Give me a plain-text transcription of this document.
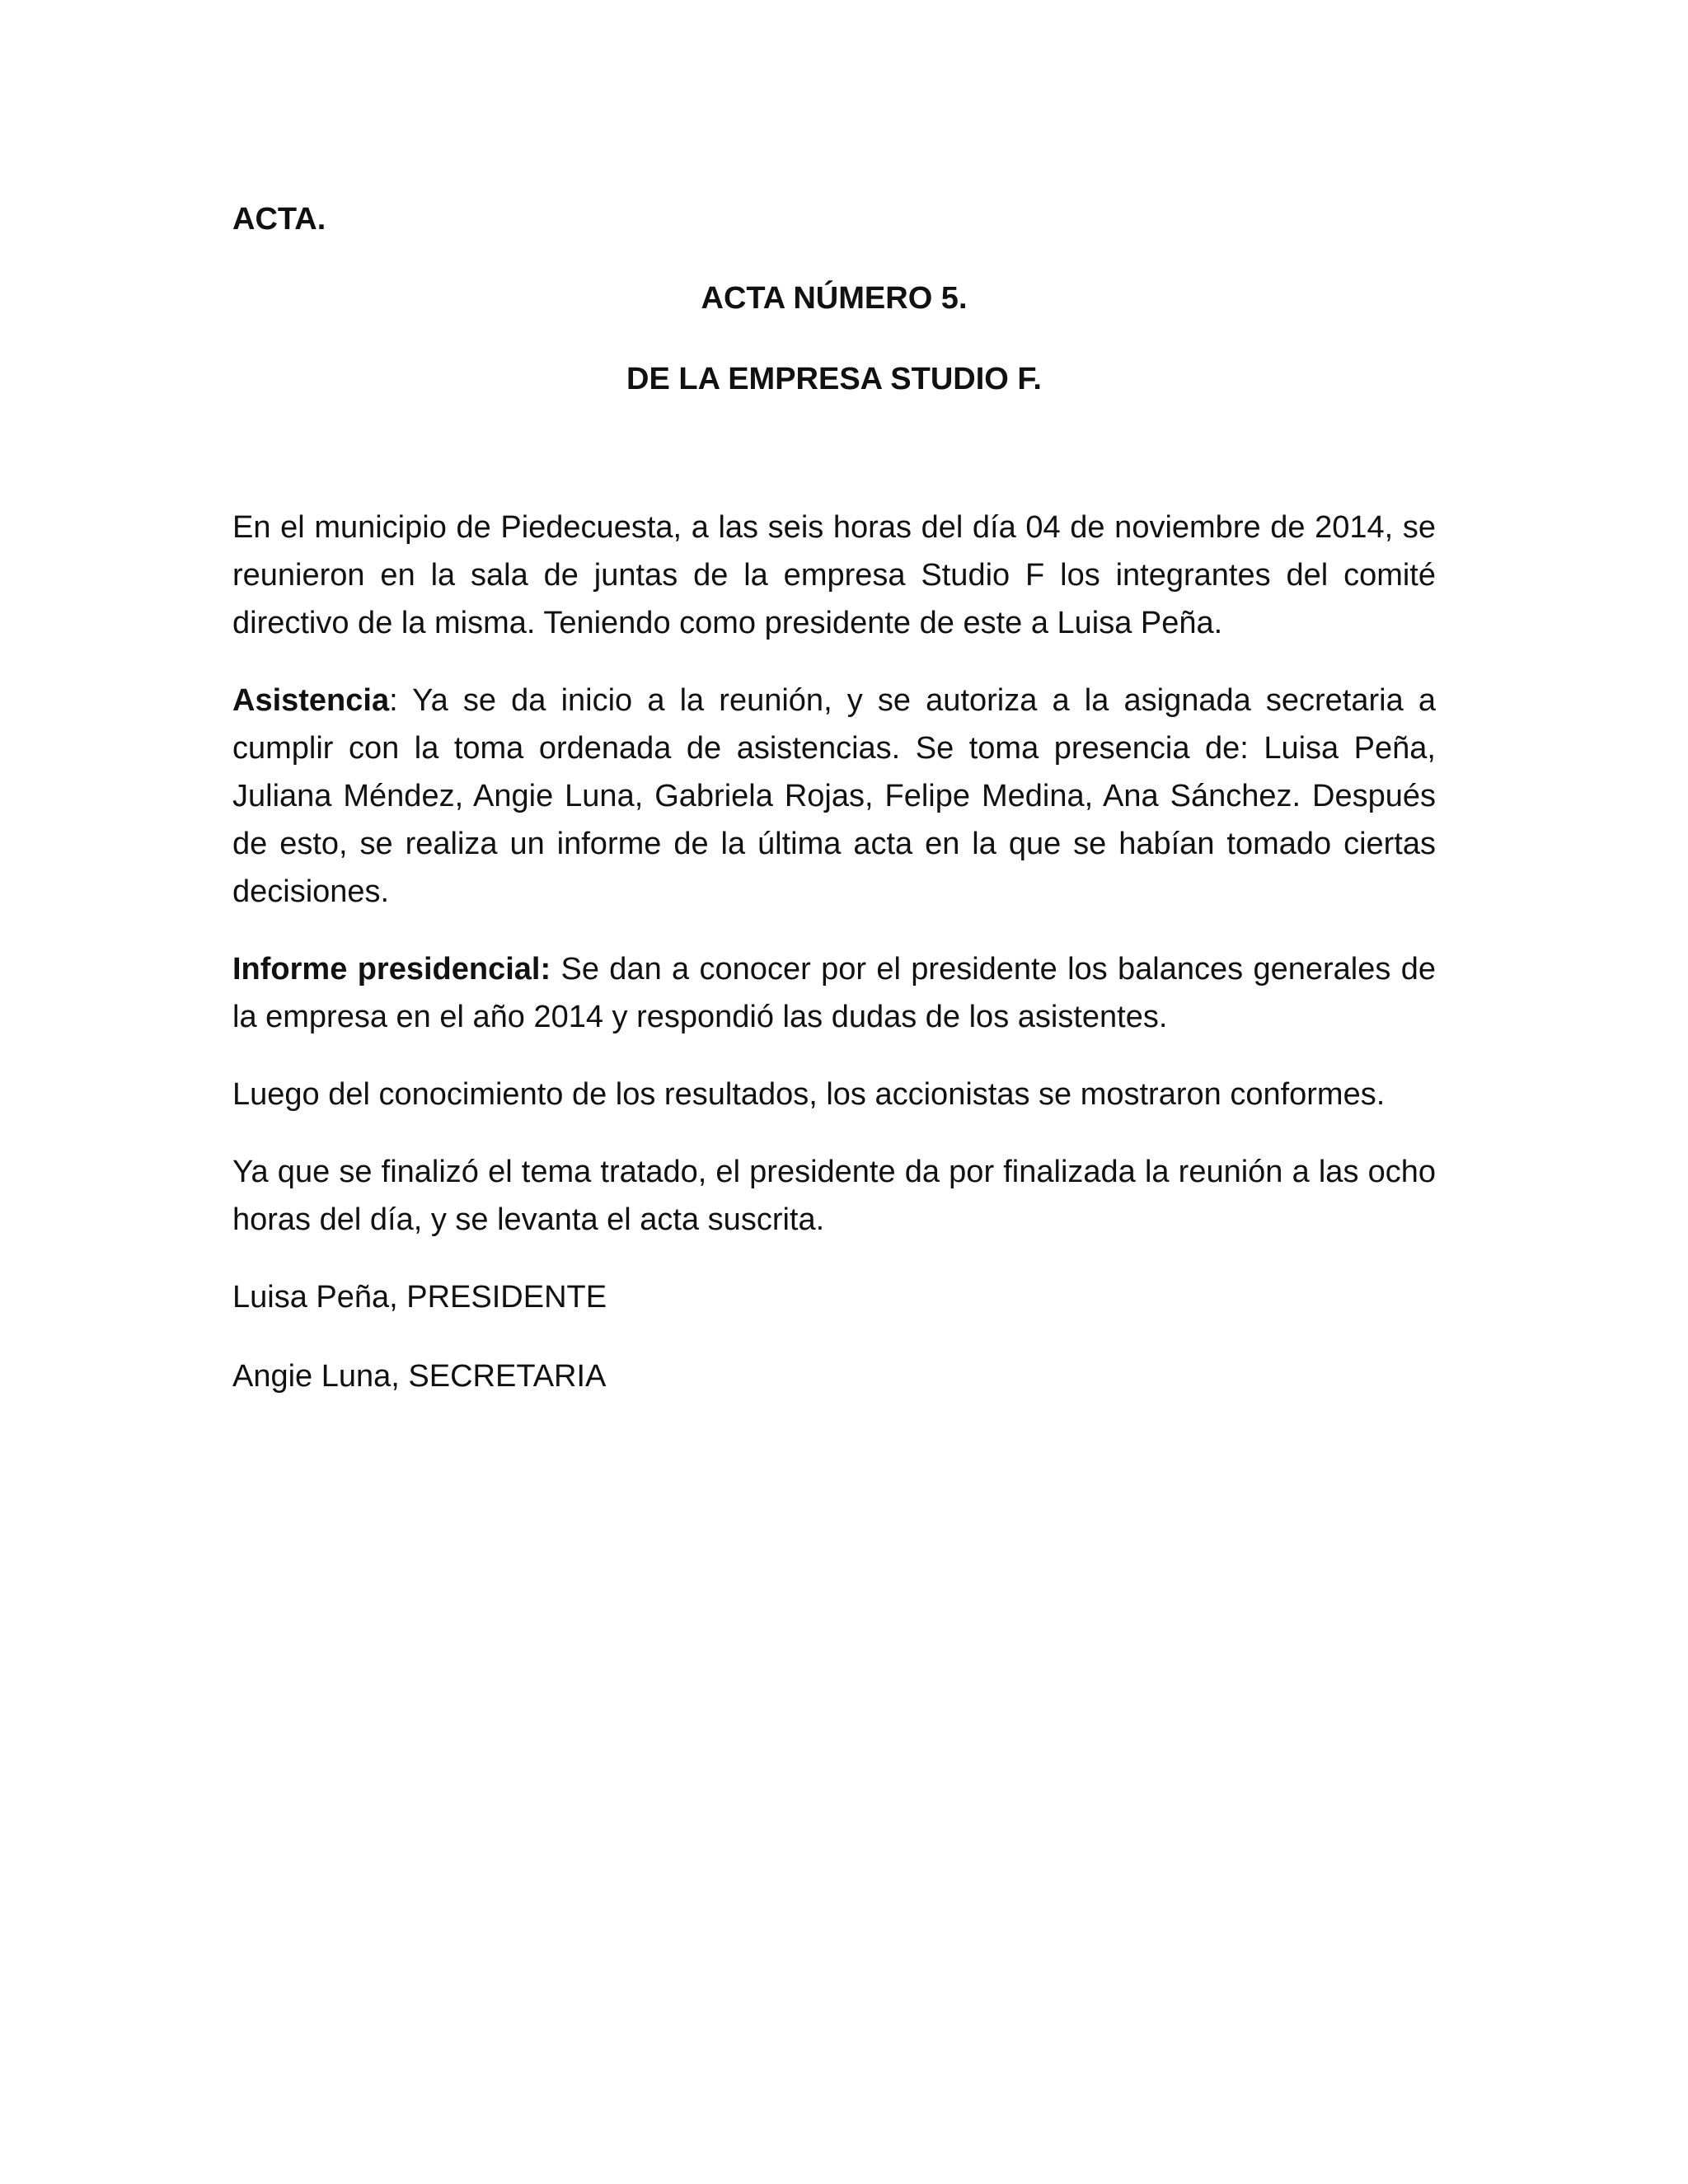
ACTA.

ACTA NÚMERO 5.

DE LA EMPRESA STUDIO F.

En el municipio de Piedecuesta, a las seis horas del día 04 de noviembre de 2014, se reunieron en la sala de juntas de la empresa Studio F los integrantes del comité directivo de la misma. Teniendo como presidente de este a Luisa Peña.

Asistencia: Ya se da inicio a la reunión, y se autoriza a la asignada secretaria a cumplir con la toma ordenada de asistencias. Se toma presencia de: Luisa Peña, Juliana Méndez, Angie Luna, Gabriela Rojas, Felipe Medina, Ana Sánchez. Después de esto, se realiza un informe de la última acta en la que se habían tomado ciertas decisiones.

Informe presidencial: Se dan a conocer por el presidente los balances generales de la empresa en el año 2014 y respondió las dudas de los asistentes.

Luego del conocimiento de los resultados, los accionistas se mostraron conformes.

Ya que se finalizó el tema tratado, el presidente da por finalizada la reunión a las ocho horas del día, y se levanta el acta suscrita.

Luisa Peña, PRESIDENTE

Angie Luna, SECRETARIA
